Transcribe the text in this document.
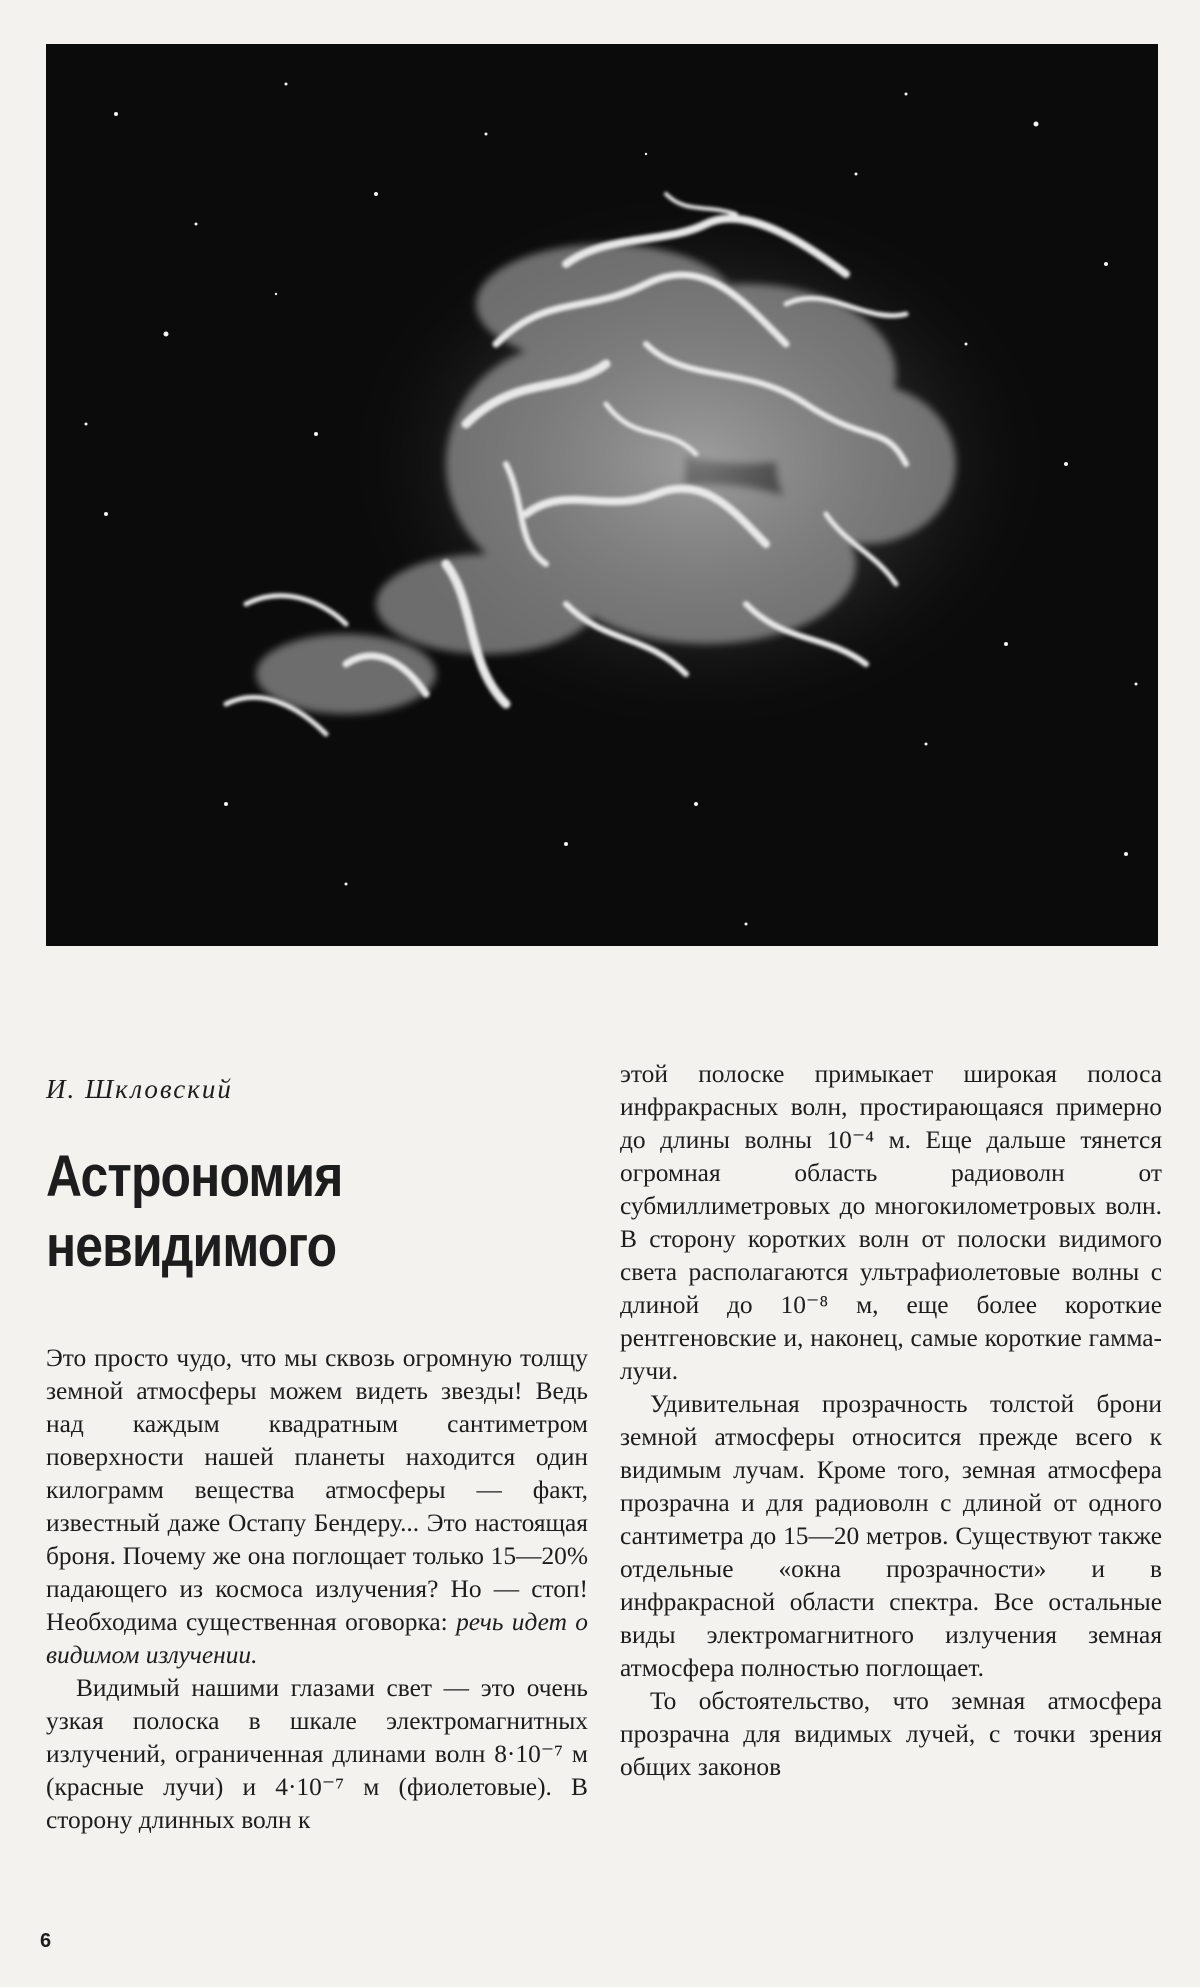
И. Шкловский
Астрономия
невидимого

Это просто чудо, что мы сквозь огромную толщу земной атмосферы можем видеть звезды! Ведь над каждым квадратным сантиметром поверхности нашей планеты находится один килограмм вещества атмосферы — факт, известный даже Остапу Бендеру... Это настоящая броня. Почему же она поглощает только 15—20% падающего из космоса излучения? Но — стоп! Необходима существенная оговорка: речь идет о видимом излучении.

Видимый нашими глазами свет — это очень узкая полоска в шкале электромагнитных излучений, ограниченная длинами волн 8·10⁻⁷ м (красные лучи) и 4·10⁻⁷ м (фиолетовые). В сторону длинных волн к

этой полоске примыкает широкая полоса инфракрасных волн, простирающаяся примерно до длины волны 10⁻⁴ м. Еще дальше тянется огромная область радиоволн от субмиллиметровых до многокилометровых волн. В сторону коротких волн от полоски видимого света располагаются ультрафиолетовые волны с длиной до 10⁻⁸ м, еще более короткие рентгеновские и, наконец, самые короткие гамма-лучи.

Удивительная прозрачность толстой брони земной атмосферы относится прежде всего к видимым лучам. Кроме того, земная атмосфера прозрачна и для радиоволн с длиной от одного сантиметра до 15—20 метров. Существуют также отдельные «окна прозрачности» и в инфракрасной области спектра. Все остальные виды электромагнитного излучения земная атмосфера полностью поглощает.

То обстоятельство, что земная атмосфера прозрачна для видимых лучей, с точки зрения общих законов

6
